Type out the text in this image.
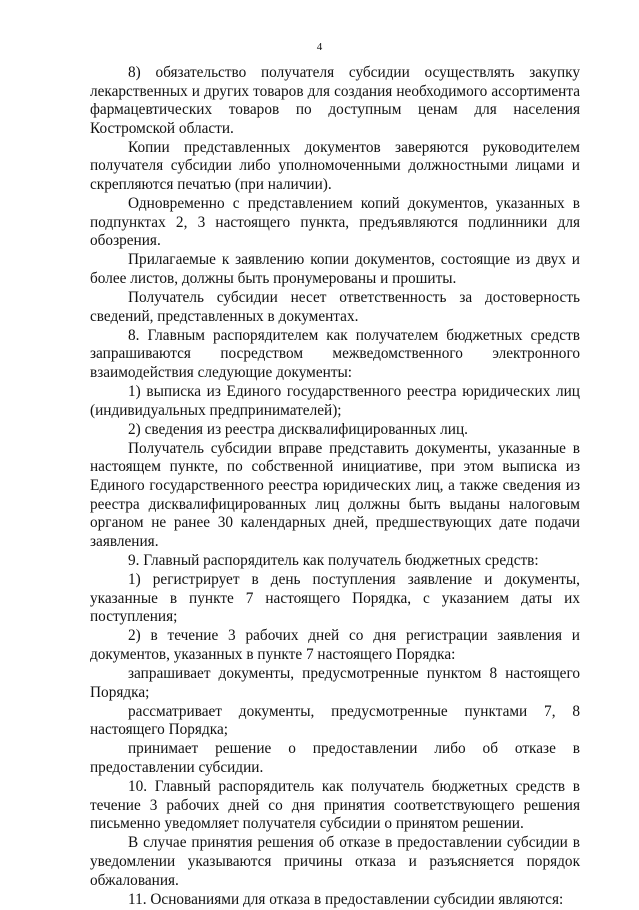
4

8) обязательство получателя субсидии осуществлять закупку лекарственных и других товаров для создания необходимого ассортимента фармацевтических товаров по доступным ценам для населения Костромской области.

Копии представленных документов заверяются руководителем получателя субсидии либо уполномоченными должностными лицами и скрепляются печатью (при наличии).

Одновременно с представлением копий документов, указанных в подпунктах 2, 3 настоящего пункта, предъявляются подлинники для обозрения.

Прилагаемые к заявлению копии документов, состоящие из двух и более листов, должны быть пронумерованы и прошиты.

Получатель субсидии несет ответственность за достоверность сведений, представленных в документах.

8. Главным распорядителем как получателем бюджетных средств запрашиваются посредством межведомственного электронного взаимодействия следующие документы:

1) выписка из Единого государственного реестра юридических лиц (индивидуальных предпринимателей);

2) сведения из реестра дисквалифицированных лиц.

Получатель субсидии вправе представить документы, указанные в настоящем пункте, по собственной инициативе, при этом выписка из Единого государственного реестра юридических лиц, а также сведения из реестра дисквалифицированных лиц должны быть выданы налоговым органом не ранее 30 календарных дней, предшествующих дате подачи заявления.

9. Главный распорядитель как получатель бюджетных средств:

1) регистрирует в день поступления заявление и документы, указанные в пункте 7 настоящего Порядка, с указанием даты их поступления;

2) в течение 3 рабочих дней со дня регистрации заявления и документов, указанных в пункте 7 настоящего Порядка:

запрашивает документы, предусмотренные пунктом 8 настоящего Порядка;

рассматривает документы, предусмотренные пунктами 7, 8 настоящего Порядка;

принимает решение о предоставлении либо об отказе в предоставлении субсидии.

10. Главный распорядитель как получатель бюджетных средств в течение 3 рабочих дней со дня принятия соответствующего решения письменно уведомляет получателя субсидии о принятом решении.

В случае принятия решения об отказе в предоставлении субсидии в уведомлении указываются причины отказа и разъясняется порядок обжалования.

11. Основаниями для отказа в предоставлении субсидии являются:
